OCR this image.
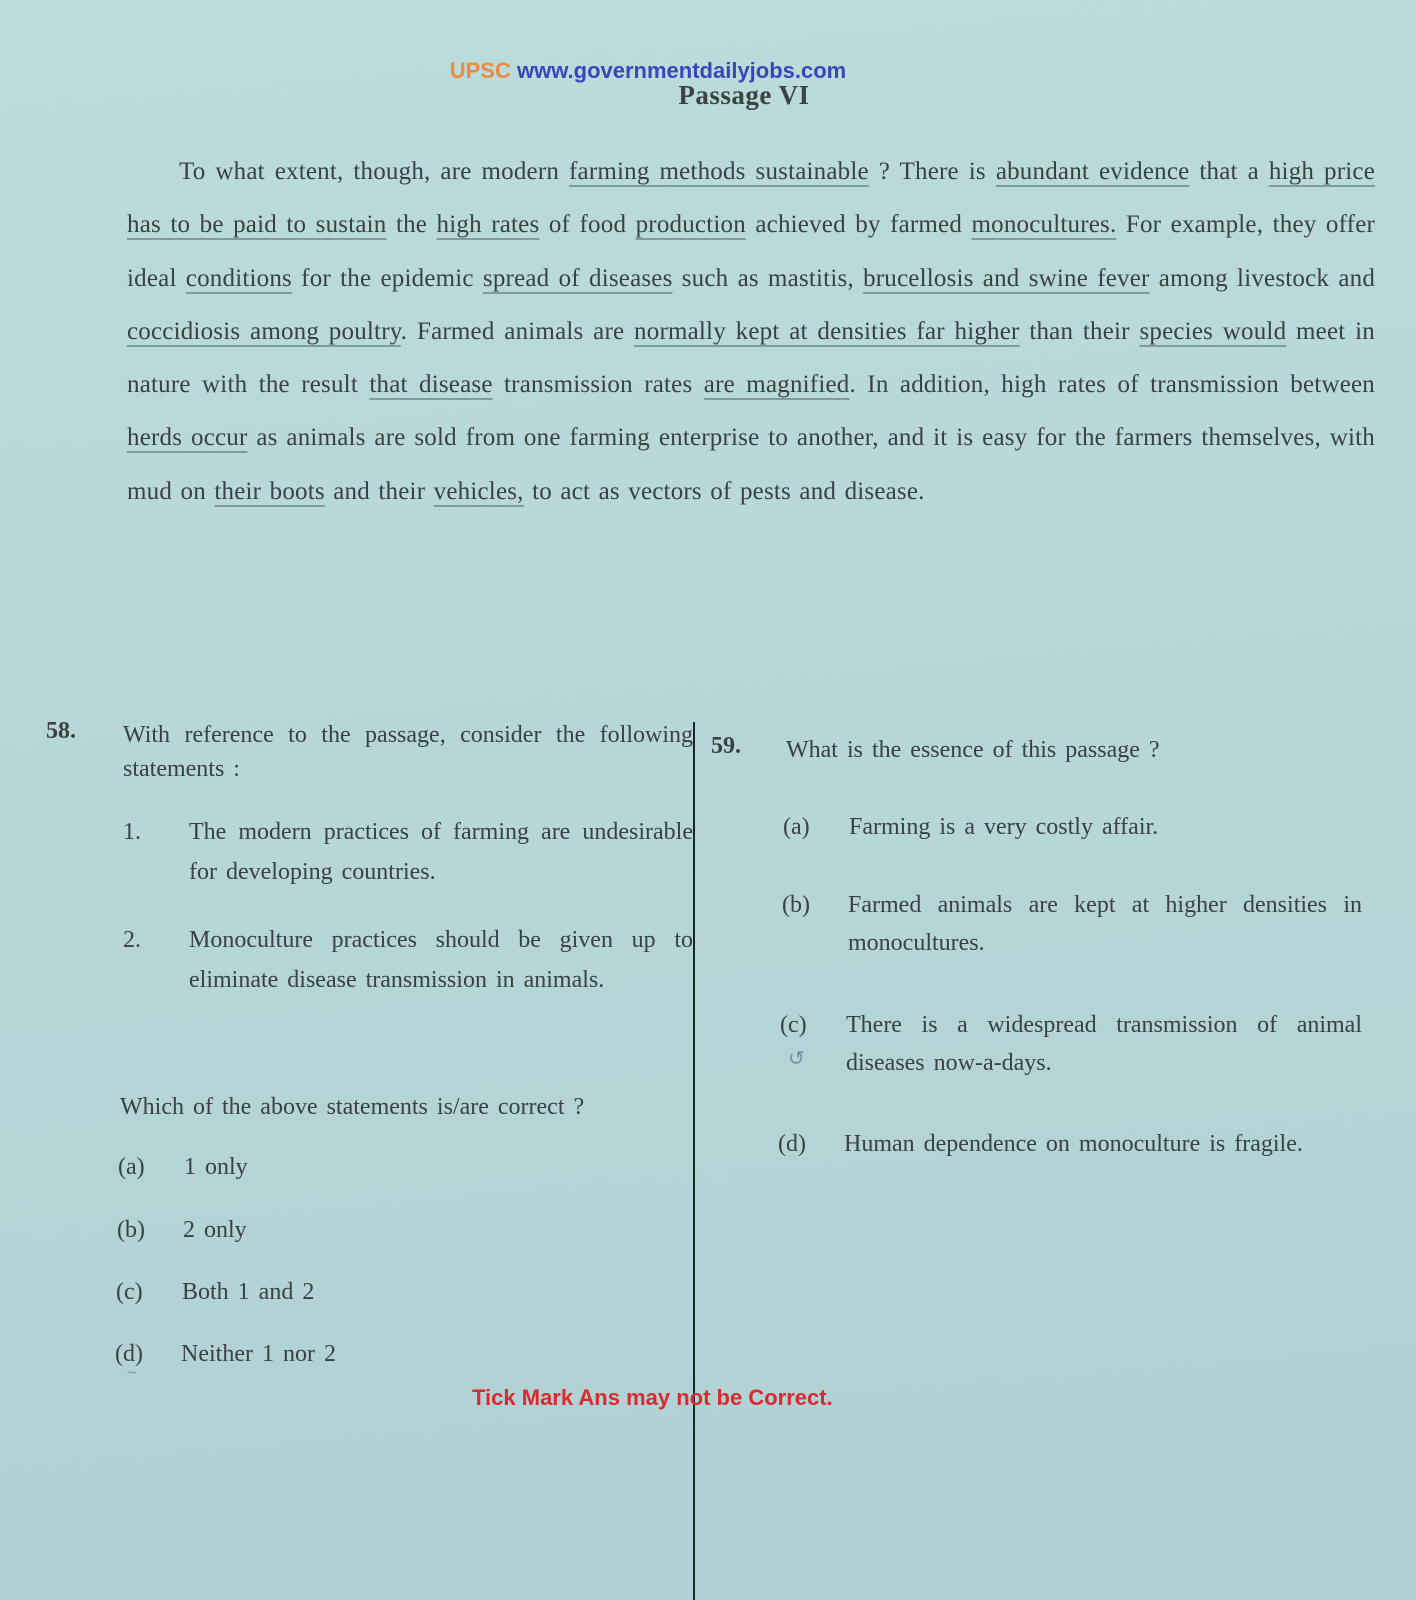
UPSC www.governmentdailyjobs.com
Passage VI
To what extent, though, are modern farming methods sustainable ? There is abundant evidence that a high price has to be paid to sustain the high rates of food production achieved by farmed monocultures. For example, they offer ideal conditions for the epidemic spread of diseases such as mastitis, brucellosis and swine fever among livestock and coccidiosis among poultry. Farmed animals are normally kept at densities far higher than their species would meet in nature with the result that disease transmission rates are magnified. In addition, high rates of transmission between herds occur as animals are sold from one farming enterprise to another, and it is easy for the farmers themselves, with mud on their boots and their vehicles, to act as vectors of pests and disease.
58. With reference to the passage, consider the following statements :
1. The modern practices of farming are undesirable for developing countries.
2. Monoculture practices should be given up to eliminate disease transmission in animals.
Which of the above statements is/are correct ?
(a) 1 only
(b) 2 only
(c) Both 1 and 2
(d) Neither 1 nor 2
~
59. What is the essence of this passage ?
(a) Farming is a very costly affair.
(b) Farmed animals are kept at higher densities in monocultures.
(c) There is a widespread transmission of animal diseases now-a-days.
↺
(d) Human dependence on monoculture is fragile.
Tick Mark Ans may not be Correct.
